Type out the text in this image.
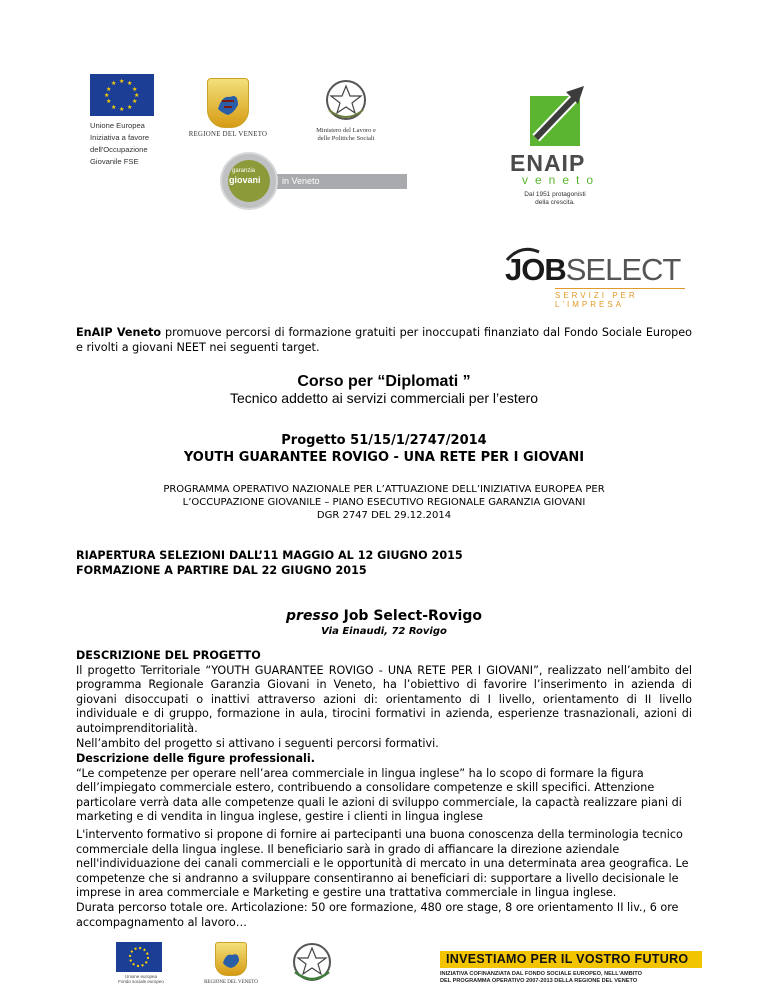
★ ★
★
★
★
★
★
★
★
★
★
★
Unione Europea
Iniziativa a favore
dell'Occupazione
Giovanile FSE
REGIONE DEL VENETO
Ministero del Lavoro e
delle Politiche Sociali
in Veneto
garanzia
giovani
ENAIP
veneto
Dal 1951 protagonisti
della crescita.
JOBSELECT
SERVIZI PER L'IMPRESA
EnAIP Veneto promuove percorsi di formazione gratuiti per inoccupati finanziato dal Fondo Sociale Europeo e rivolti a giovani NEET nei seguenti target.
Corso per “Diplomati ”
Tecnico addetto ai servizi commerciali per l’estero
Progetto 51/15/1/2747/2014
YOUTH GUARANTEE ROVIGO - UNA RETE PER I GIOVANI
PROGRAMMA OPERATIVO NAZIONALE PER L’ATTUAZIONE DELL’INIZIATIVA EUROPEA PER
L’OCCUPAZIONE GIOVANILE – PIANO ESECUTIVO REGIONALE GARANZIA GIOVANI
DGR 2747 DEL 29.12.2014
RIAPERTURA SELEZIONI DALL’11 MAGGIO AL 12 GIUGNO 2015
FORMAZIONE A PARTIRE DAL 22 GIUGNO 2015
presso Job Select-Rovigo
Via Einaudi, 72 Rovigo
DESCRIZIONE DEL PROGETTO
Il progetto Territoriale “YOUTH GUARANTEE ROVIGO - UNA RETE PER I GIOVANI”, realizzato nell’ambito del programma Regionale Garanzia Giovani in Veneto, ha l’obiettivo di favorire l’inserimento in azienda di giovani disoccupati o inattivi attraverso azioni di: orientamento di I livello, orientamento di II livello individuale e di gruppo, formazione in aula, tirocini formativi in azienda, esperienze trasnazionali, azioni di autoimprenditorialità.
Nell’ambito del progetto si attivano i seguenti percorsi formativi.
Descrizione delle figure professionali.
“Le competenze per operare nell’area commerciale in lingua inglese” ha lo scopo di formare la figura dell’impiegato commerciale estero, contribuendo a consolidare competenze e skill specifici. Attenzione particolare verrà data alle competenze quali le azioni di sviluppo commerciale, la capactà realizzare piani di marketing e di vendita in lingua inglese, gestire i clienti in lingua inglese
L'intervento formativo si propone di fornire ai partecipanti una buona conoscenza della terminologia tecnico commerciale della lingua inglese. Il beneficiario sarà in grado di affiancare la direzione aziendale nell'individuazione dei canali commerciali e le opportunità di mercato in una determinata area geografica. Le competenze che si andranno a sviluppare consentiranno ai beneficiari di: supportare a livello decisionale le imprese in area commerciale e Marketing e gestire una trattativa commerciale in lingua inglese.
Durata percorso totale ore. Articolazione: 50 ore formazione, 480 ore stage, 8 ore orientamento II liv., 6 ore accompagnamento al lavoro…
Unione europea
Fondo sociale europeo	REGIONE DEL VENETO
INVESTIAMO PER IL VOSTRO FUTURO
INIZIATIVA COFINANZIATA DAL FONDO SOCIALE EUROPEO, NELL'AMBITO
DEL PROGRAMMA OPERATIVO 2007-2013 DELLA REGIONE DEL VENETO
